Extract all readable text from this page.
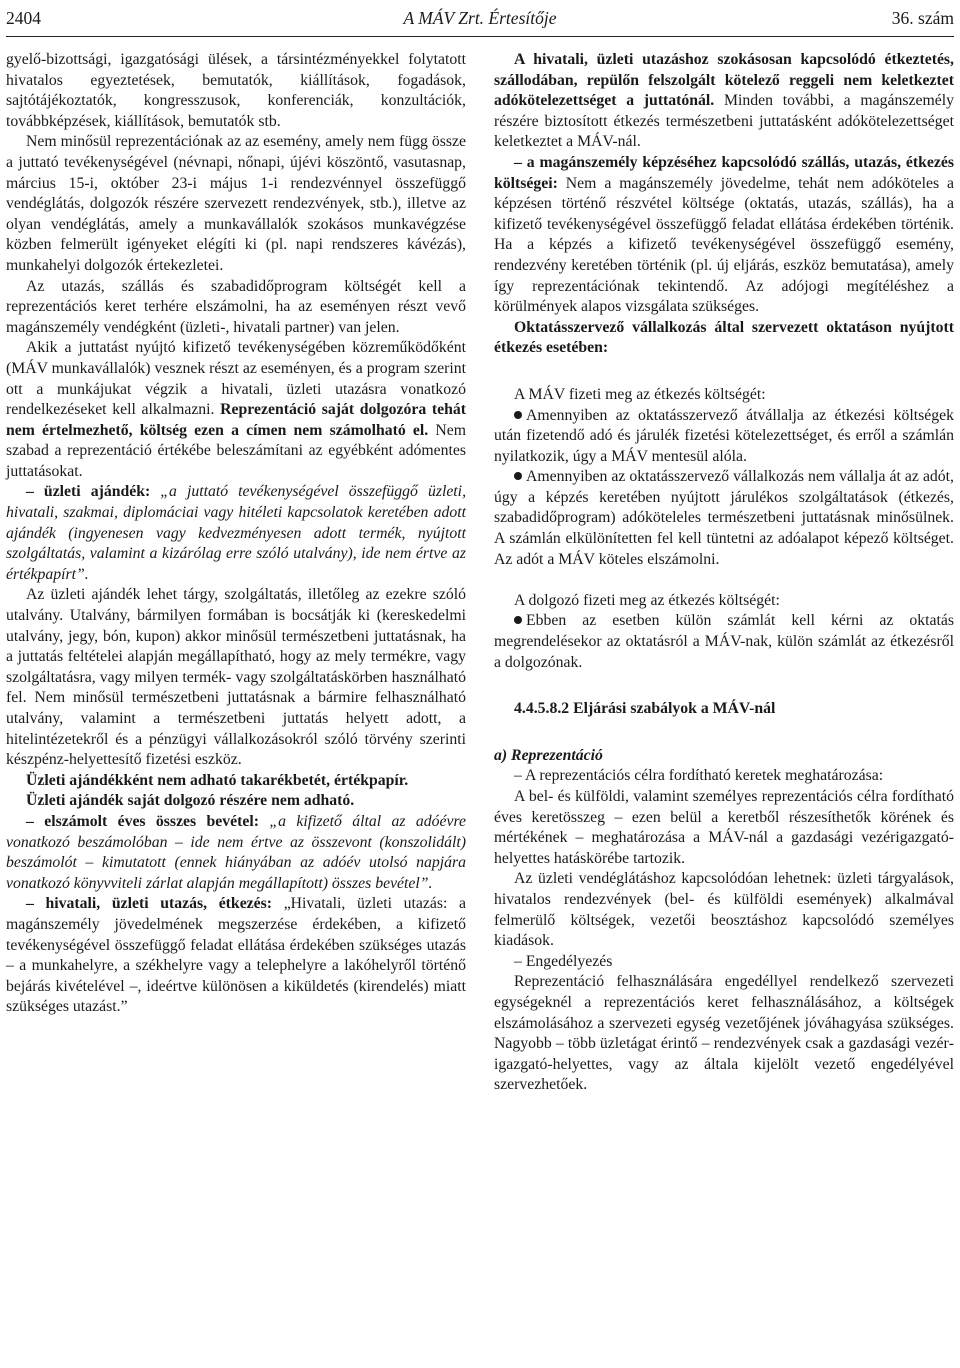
2404	A MÁV Zrt. Értesítője	36. szám

gyelő-bizottsági, igazgatósági ülések, a társintézményekkel folytatott hivatalos egyeztetések, bemutatók, kiállítások, fogadások, sajtótájékoztatók, kongresszusok, konferenciák, konzultációk, továbbképzések, kiállítások, bemutatók stb.

Nem minősül reprezentációnak az az esemény, amely nem függ össze a juttató tevékenységével (névnapi, nőnapi, újévi köszöntő, vasutasnap, március 15-i, október 23-i május 1-i rendezvénnyel összefüggő vendéglátás, dolgozók részére szervezett rendezvények, stb.), illetve az olyan vendéglátás, amely a munkavállalók szokásos munkavégzése közben felmerült igényeket elégíti ki (pl. napi rendszeres kávézás), munkahelyi dolgozók értekezletei.

Az utazás, szállás és szabadidőprogram költségét kell a reprezentációs keret terhére elszámolni, ha az eseményen részt vevő magánszemély vendégként (üzleti-, hivatali partner) van jelen.

Akik a juttatást nyújtó kifizető tevékenységében közreműködőként (MÁV munkavállalók) vesznek részt az eseményen, és a program szerint ott a munkájukat végzik a hivatali, üzleti utazásra vonatkozó rendelkezéseket kell alkalmazni. Reprezentáció saját dolgozóra tehát nem értelmezhető, költség ezen a címen nem számolható el. Nem szabad a reprezentáció értékébe beleszámítani az egyébként adómentes juttatásokat.

– üzleti ajándék: „a juttató tevékenységével összefüggő üzleti, hivatali, szakmai, diplomáciai vagy hitéleti kapcsolatok keretében adott ajándék (ingyenesen vagy kedvezményesen adott termék, nyújtott szolgáltatás, valamint a kizárólag erre szóló utalvány), ide nem értve az értékpapírt”.

Az üzleti ajándék lehet tárgy, szolgáltatás, illetőleg az ezekre szóló utalvány. Utalvány, bármilyen formában is bocsátják ki (kereskedelmi utalvány, jegy, bón, kupon) akkor minősül természetbeni juttatásnak, ha a juttatás feltételei alapján megállapítható, hogy az mely termékre, vagy szolgáltatásra, vagy milyen termék- vagy szolgáltatáskörben használható fel. Nem minősül természetbeni juttatásnak a bármire felhasználható utalvány, valamint a természetbeni juttatás helyett adott, a hitelintézetekről és a pénzügyi vállalkozásokról szóló törvény szerinti készpénz-helyettesítő fizetési eszköz.

Üzleti ajándékként nem adható takarékbetét, értékpapír.

Üzleti ajándék saját dolgozó részére nem adható.

– elszámolt éves összes bevétel: „a kifizető által az adóévre vonatkozó beszámolóban – ide nem értve az összevont (konszolidált) beszámolót – kimutatott (ennek hiányában az adóév utolsó napjára vonatkozó könyvviteli zárlat alapján megállapított) összes bevétel”.

– hivatali, üzleti utazás, étkezés: „Hivatali, üzleti utazás: a magánszemély jövedelmének megszerzése érdekében, a kifizető tevékenységével összefüggő feladat ellátása érdekében szükséges utazás – a munkahelyre, a székhelyre vagy a telephelyre a lakóhelyről történő bejárás kivételével –, ideértve különösen a kiküldetés (kirendelés) miatt szükséges utazást.”

A hivatali, üzleti utazáshoz szokásosan kapcsolódó étkeztetés, szállodában, repülőn felszolgált kötelező reggeli nem keletkeztet adókötelezettséget a juttatónál. Minden további, a magánszemély részére biztosított étkezés természetbeni juttatásként adókötelezettséget keletkeztet a MÁV-nál.

– a magánszemély képzéséhez kapcsolódó szállás, utazás, étkezés költségei: Nem a magánszemély jövedelme, tehát nem adóköteles a képzésen történő részvétel költsége (oktatás, utazás, szállás), ha a kifizető tevékenységével összefüggő feladat ellátása érdekében történik. Ha a képzés a kifizető tevékenységével összefüggő esemény, rendezvény keretében történik (pl. új eljárás, eszköz bemutatása), amely így reprezentációnak tekintendő. Az adójogi megítéléshez a körülmények alapos vizsgálata szükséges.

Oktatásszervező vállalkozás által szervezett oktatáson nyújtott étkezés esetében:

A MÁV fizeti meg az étkezés költségét:

Amennyiben az oktatásszervező átvállalja az étkezési költségek után fizetendő adó és járulék fizetési kötelezettséget, és erről a számlán nyilatkozik, úgy a MÁV mentesül alóla.

Amennyiben az oktatásszervező vállalkozás nem vállalja át az adót, úgy a képzés keretében nyújtott járulékos szolgáltatások (étkezés, szabadidőprogram) adóköteleles természetbeni juttatásnak minősülnek. A számlán elkülönítetten fel kell tüntetni az adóalapot képező költséget. Az adót a MÁV köteles elszámolni.

A dolgozó fizeti meg az étkezés költségét:

Ebben az esetben külön számlát kell kérni az oktatás megrendelésekor az oktatásról a MÁV-nak, külön számlát az étkezésről a dolgozónak.

4.4.5.8.2 Eljárási szabályok a MÁV-nál

a) Reprezentáció

– A reprezentációs célra fordítható keretek meghatározása:

A bel- és külföldi, valamint személyes reprezentációs célra fordítható éves keretösszeg – ezen belül a keretből részesíthetők körének és mértékének – meghatározása a MÁV-nál a gazdasági vezérigazgató-helyettes hatáskörébe tartozik.

Az üzleti vendéglátáshoz kapcsolódóan lehetnek: üzleti tárgyalások, hivatalos rendezvények (bel- és külföldi események) alkalmával felmerülő költségek, vezetői beosztáshoz kapcsolódó személyes kiadások.

– Engedélyezés

Reprezentáció felhasználására engedéllyel rendelkező szervezeti egységeknél a reprezentációs keret felhasználásához, a költségek elszámolásához a szervezeti egység vezetőjének jóváhagyása szükséges. Nagyobb – több üzletágat érintő – rendezvények csak a gazdasági vezérigazgató-helyettes, vagy az általa kijelölt vezető engedélyével szervezhetőek.
